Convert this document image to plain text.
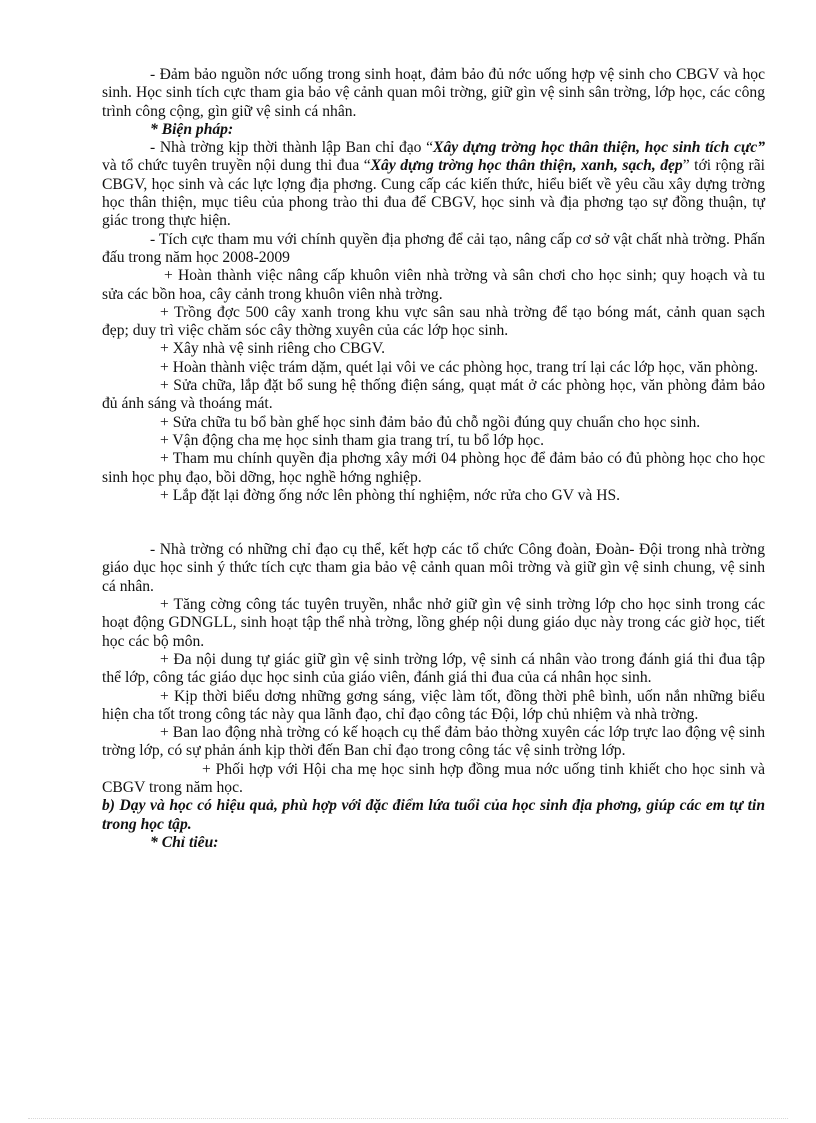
- Đảm bảo nguồn nớc uống trong sinh hoạt, đảm bảo đủ nớc uống hợp vệ sinh cho CBGV và học sinh. Học sinh tích cực tham gia bảo vệ cảnh quan môi trờng, giữ gìn vệ sinh sân trờng, lớp học, các công trình công cộng, gìn giữ vệ sinh cá nhân.

* Biện pháp:

- Nhà trờng kịp thời thành lập Ban chỉ đạo “Xây dựng trờng học thân thiện, học sinh tích cực” và tổ chức tuyên truyền nội dung thi đua “Xây dựng trờng học thân thiện, xanh, sạch, đẹp” tới rộng rãi CBGV, học sinh và các lực lợng địa phơng. Cung cấp các kiến thức, hiểu biết về yêu cầu xây dựng trờng học thân thiện, mục tiêu của phong trào thi đua để CBGV, học sinh và địa phơng tạo sự đồng thuận, tự giác trong thực hiện.

- Tích cực tham mu với chính quyền địa phơng để cải tạo, nâng cấp cơ sở vật chất nhà trờng. Phấn đấu trong năm học 2008-2009

+ Hoàn thành việc nâng cấp khuôn viên nhà trờng và sân chơi cho học sinh; quy hoạch và tu sửa các bồn hoa, cây cảnh trong khuôn viên nhà trờng.

+ Trồng đợc 500 cây xanh trong khu vực sân sau nhà trờng để tạo bóng mát, cảnh quan sạch đẹp; duy trì việc chăm sóc cây thờng xuyên của các lớp học sinh.

+ Xây nhà vệ sinh riêng cho CBGV.

+ Hoàn thành việc trám dặm, quét lại vôi ve các phòng học, trang trí lại các lớp học, văn phòng.

+ Sửa chữa, lắp đặt bổ sung hệ thống điện sáng, quạt mát ở các phòng học, văn phòng đảm bảo đủ ánh sáng và thoáng mát.

+ Sửa chữa tu bổ bàn ghế học sinh đảm bảo đủ chỗ ngồi đúng quy chuẩn cho học sinh.

+ Vận động cha mẹ học sinh tham gia trang trí, tu bổ lớp học.

+ Tham mu chính quyền địa phơng xây mới 04 phòng học để đảm bảo có đủ phòng học cho học sinh học phụ đạo, bồi dỡng, học nghề hớng nghiệp.

+ Lắp đặt lại đờng ống nớc lên phòng thí nghiệm, nớc rửa cho GV và HS.

- Nhà trờng có những chỉ đạo cụ thể, kết hợp các tổ chức Công đoàn, Đoàn- Đội trong nhà trờng giáo dục học sinh ý thức tích cực tham gia bảo vệ cảnh quan môi trờng và giữ gìn vệ sinh chung, vệ sinh cá nhân.

+ Tăng cờng công tác tuyên truyền, nhắc nhở giữ gìn vệ sinh trờng lớp cho học sinh trong các hoạt động GDNGLL, sinh hoạt tập thể nhà trờng, lồng ghép nội dung giáo dục này trong các giờ học, tiết học các bộ môn.

+ Đa nội dung tự giác giữ gìn vệ sinh trờng lớp, vệ sinh cá nhân vào trong đánh giá thi đua tập thể lớp, công tác giáo dục học sinh của giáo viên, đánh giá thi đua của cá nhân học sinh.

+ Kịp thời biểu dơng những gơng sáng, việc làm tốt, đồng thời phê bình, uốn nắn những biểu hiện cha tốt trong công tác này qua lãnh đạo, chỉ đạo công tác Đội, lớp chủ nhiệm và nhà trờng.

+ Ban lao động nhà trờng có kế hoạch cụ thể đảm bảo thờng xuyên các lớp trực lao động vệ sinh trờng lớp, có sự phản ánh kịp thời đến Ban chỉ đạo trong công tác vệ sinh trờng lớp.

+ Phối hợp với Hội cha mẹ học sinh hợp đồng mua nớc uống tinh khiết cho học sinh và CBGV trong năm học.

b) Dạy và học có hiệu quả, phù hợp với đặc điểm lứa tuổi của học sinh địa phơng, giúp các em tự tin trong học tập.

* Chỉ tiêu:
